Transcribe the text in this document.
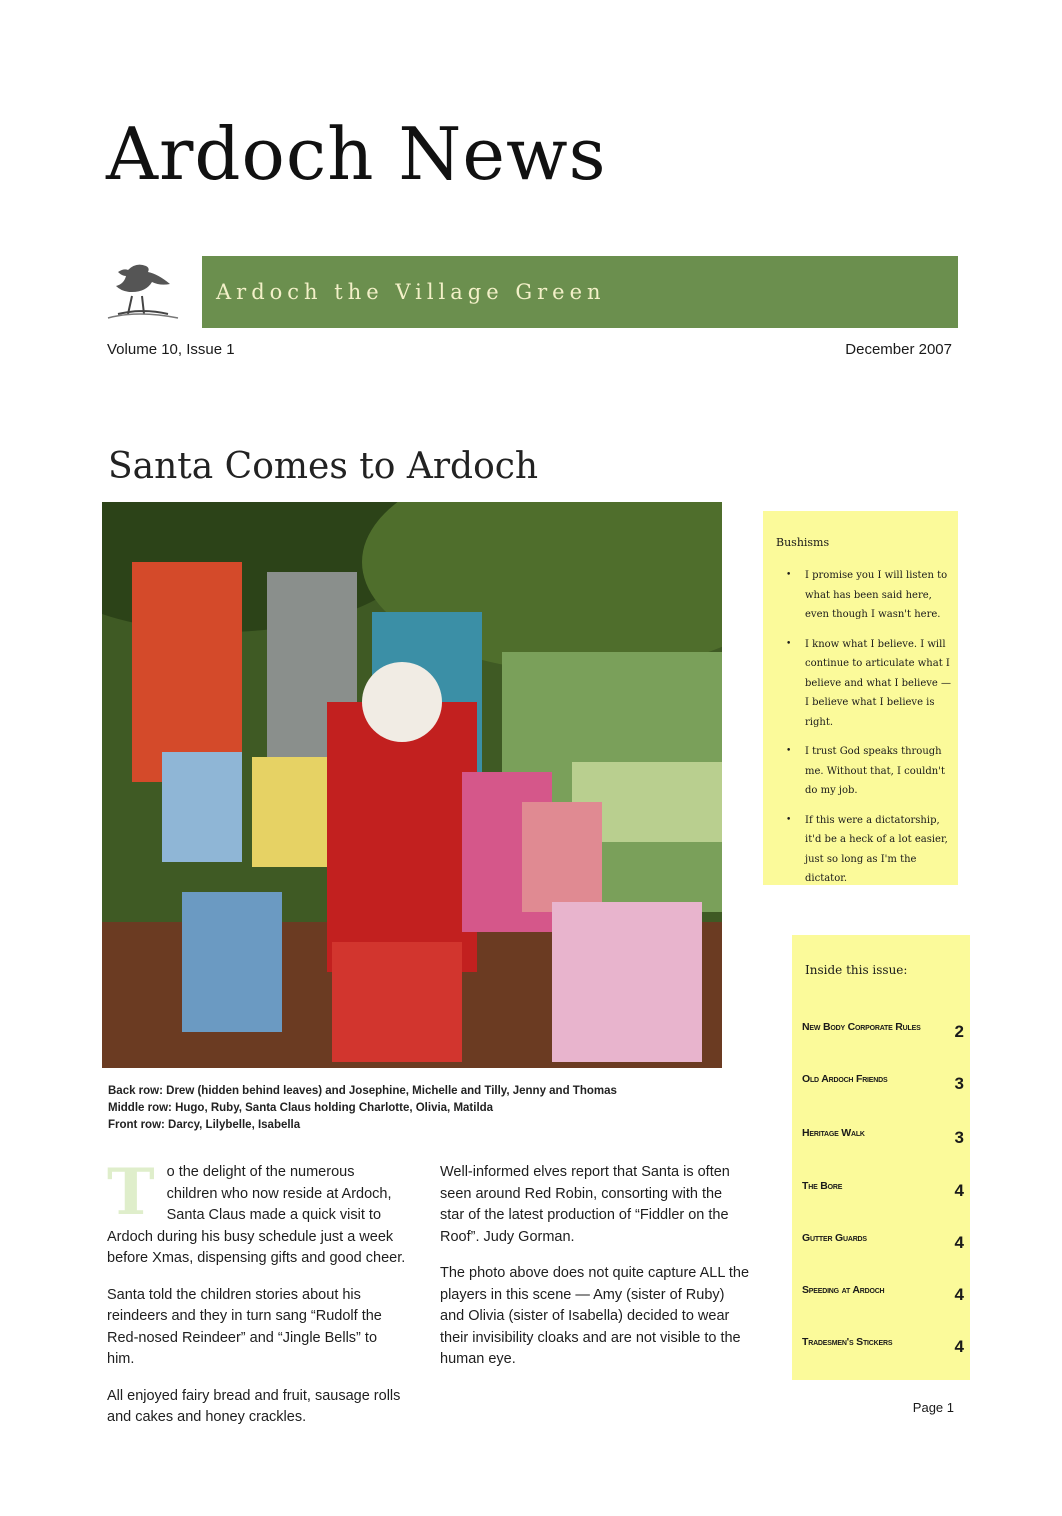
Ardoch News
Ardoch the Village Green
Volume 10, Issue 1	December 2007
Santa Comes to Ardoch
Back row: Drew (hidden behind leaves) and Josephine, Michelle and Tilly, Jenny and Thomas
Middle row: Hugo, Ruby, Santa Claus holding Charlotte, Olivia, Matilda
Front row: Darcy, Lilybelle, Isabella

To the delight of the numerous children who now reside at Ardoch, Santa Claus made a quick visit to Ardoch during his busy schedule just a week before Xmas, dispensing gifts and good cheer.

Santa told the children stories about his reindeers and they in turn sang “Rudolf the Red-nosed Reindeer” and “Jingle Bells” to him.

All enjoyed fairy bread and fruit, sausage rolls and cakes and honey crackles.

Well-informed elves report that Santa is often seen around Red Robin, consorting with the star of the latest production of “Fiddler on the Roof”. Judy Gorman.

The photo above does not quite capture ALL the players in this scene — Amy (sister of Ruby) and Olivia (sister of Isabella) decided to wear their invisibility cloaks and are not visible to the human eye.

Bushisms
• I promise you I will listen to what has been said here, even though I wasn't here.
• I know what I believe. I will continue to articulate what I believe and what I believe — I believe what I believe is right.
• I trust God speaks through me. Without that, I couldn't do my job.
• If this were a dictatorship, it'd be a heck of a lot easier, just so long as I'm the dictator.
Inside this issue:
New Body Corporate Rules 2
Old Ardoch Friends	3
Heritage Walk	3
The Bore	4
Gutter Guards	4
Speeding at Ardoch	4
Tradesmen's Stickers	4
Page 1
